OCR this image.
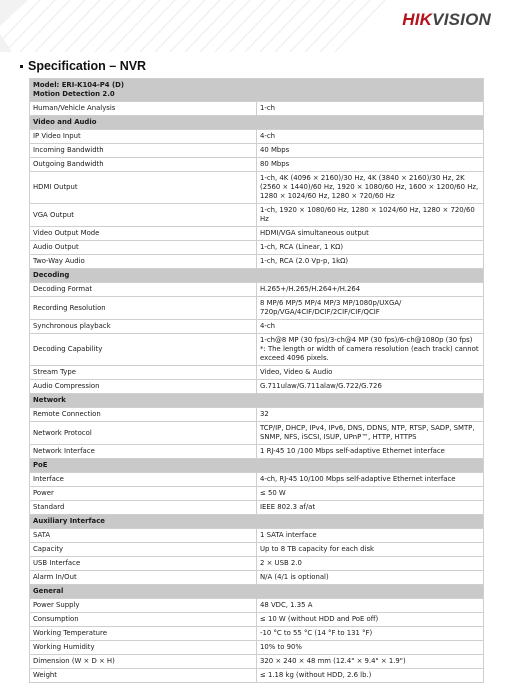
HIKVISION
Specification – NVR
Model: ERI-K104-P4 (D)
Motion Detection 2.0	

Human/Vehicle Analysis	1-ch

Video and Audio	
IP Video Input	4-ch

Incoming Bandwidth	40 Mbps

Outgoing Bandwidth	80 Mbps

HDMI Output	1-ch, 4K (4096 × 2160)/30 Hz, 4K (3840 × 2160)/30 Hz, 2K (2560 × 1440)/60 Hz, 1920 × 1080/60 Hz, 1600 × 1200/60 Hz, 1280 × 1024/60 Hz, 1280 × 720/60 Hz

VGA Output	1-ch, 1920 × 1080/60 Hz, 1280 × 1024/60 Hz, 1280 × 720/60 Hz

Video Output Mode	HDMI/VGA simultaneous output

Audio Output	1-ch, RCA (Linear, 1 KΩ)

Two-Way Audio	1-ch, RCA (2.0 Vp-p, 1kΩ)

Decoding	
Decoding Format	H.265+/H.265/H.264+/H.264

Recording Resolution	8 MP/6 MP/5 MP/4 MP/3 MP/1080p/UXGA/ 720p/VGA/4CIF/DCIF/2CIF/CIF/QCIF

Synchronous playback	4-ch

Decoding Capability	1-ch@8 MP (30 fps)/3-ch@4 MP (30 fps)/6-ch@1080p (30 fps)
*: The length or width of camera resolution (each track) cannot exceed 4096 pixels.

Stream Type	Video, Video & Audio

Audio Compression	G.711ulaw/G.711alaw/G.722/G.726

Network	
Remote Connection	32

Network Protocol	TCP/IP, DHCP, IPv4, IPv6, DNS, DDNS, NTP, RTSP, SADP, SMTP, SNMP, NFS, iSCSI, ISUP, UPnP™, HTTP, HTTPS

Network Interface	1 RJ-45 10 /100 Mbps self-adaptive Ethernet interface

PoE	
Interface	4-ch, RJ-45 10/100 Mbps self-adaptive Ethernet interface

Power	≤ 50 W

Standard	IEEE 802.3 af/at

Auxiliary Interface	
SATA	1 SATA interface

Capacity	Up to 8 TB capacity for each disk

USB Interface	2 × USB 2.0

Alarm In/Out	N/A (4/1 is optional)

General	
Power Supply	48 VDC, 1.35 A

Consumption	≤ 10 W (without HDD and PoE off)

Working Temperature	-10 °C to 55 °C (14 °F to 131 °F)

Working Humidity	10% to 90%

Dimension (W × D × H)	320 × 240 × 48 mm (12.4" × 9.4" × 1.9")

Weight	≤ 1.18 kg (without HDD, 2.6 lb.)
